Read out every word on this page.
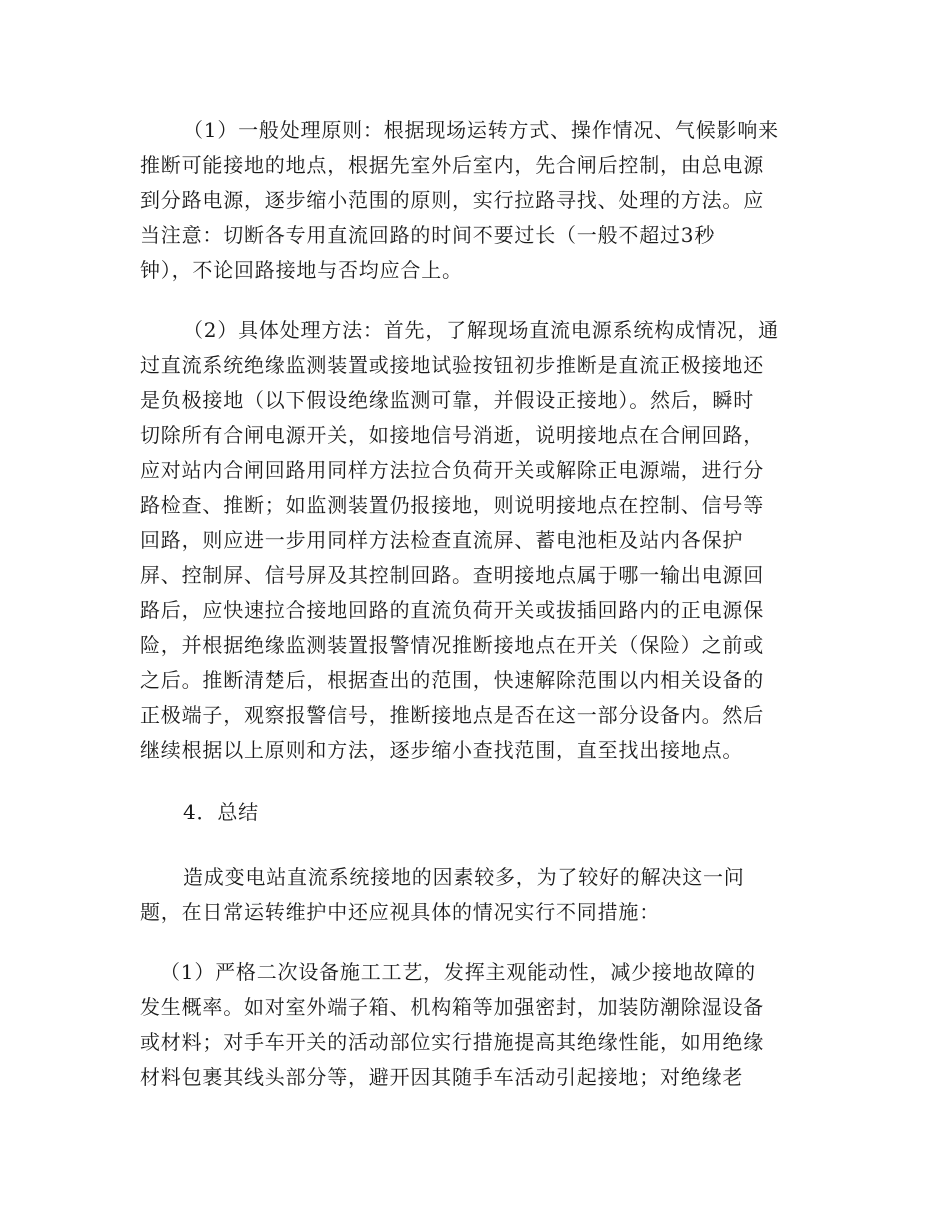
（1）一般处理原则：根据现场运转方式、操作情况、气候影响来
推断可能接地的地点，根据先室外后室内，先合闸后控制，由总电源
到分路电源，逐步缩小范围的原则，实行拉路寻找、处理的方法。应
当注意：切断各专用直流回路的时间不要过长（一般不超过3秒
钟），不论回路接地与否均应合上。
（2）具体处理方法：首先，了解现场直流电源系统构成情况，通
过直流系统绝缘监测装置或接地试验按钮初步推断是直流正极接地还
是负极接地（以下假设绝缘监测可靠，并假设正接地）。然后，瞬时
切除所有合闸电源开关，如接地信号消逝，说明接地点在合闸回路，
应对站内合闸回路用同样方法拉合负荷开关或解除正电源端，进行分
路检查、推断；如监测装置仍报接地，则说明接地点在控制、信号等
回路，则应进一步用同样方法检查直流屏、蓄电池柜及站内各保护
屏、控制屏、信号屏及其控制回路。查明接地点属于哪一输出电源回
路后，应快速拉合接地回路的直流负荷开关或拔插回路内的正电源保
险，并根据绝缘监测装置报警情况推断接地点在开关（保险）之前或
之后。推断清楚后，根据查出的范围，快速解除范围以内相关设备的
正极端子，观察报警信号，推断接地点是否在这一部分设备内。然后
继续根据以上原则和方法，逐步缩小查找范围，直至找出接地点。
4．总结
造成变电站直流系统接地的因素较多，为了较好的解决这一问
题，在日常运转维护中还应视具体的情况实行不同措施：
（1）严格二次设备施工工艺，发挥主观能动性，减少接地故障的
发生概率。如对室外端子箱、机构箱等加强密封，加装防潮除湿设备
或材料；对手车开关的活动部位实行措施提高其绝缘性能，如用绝缘
材料包裹其线头部分等，避开因其随手车活动引起接地；对绝缘老
